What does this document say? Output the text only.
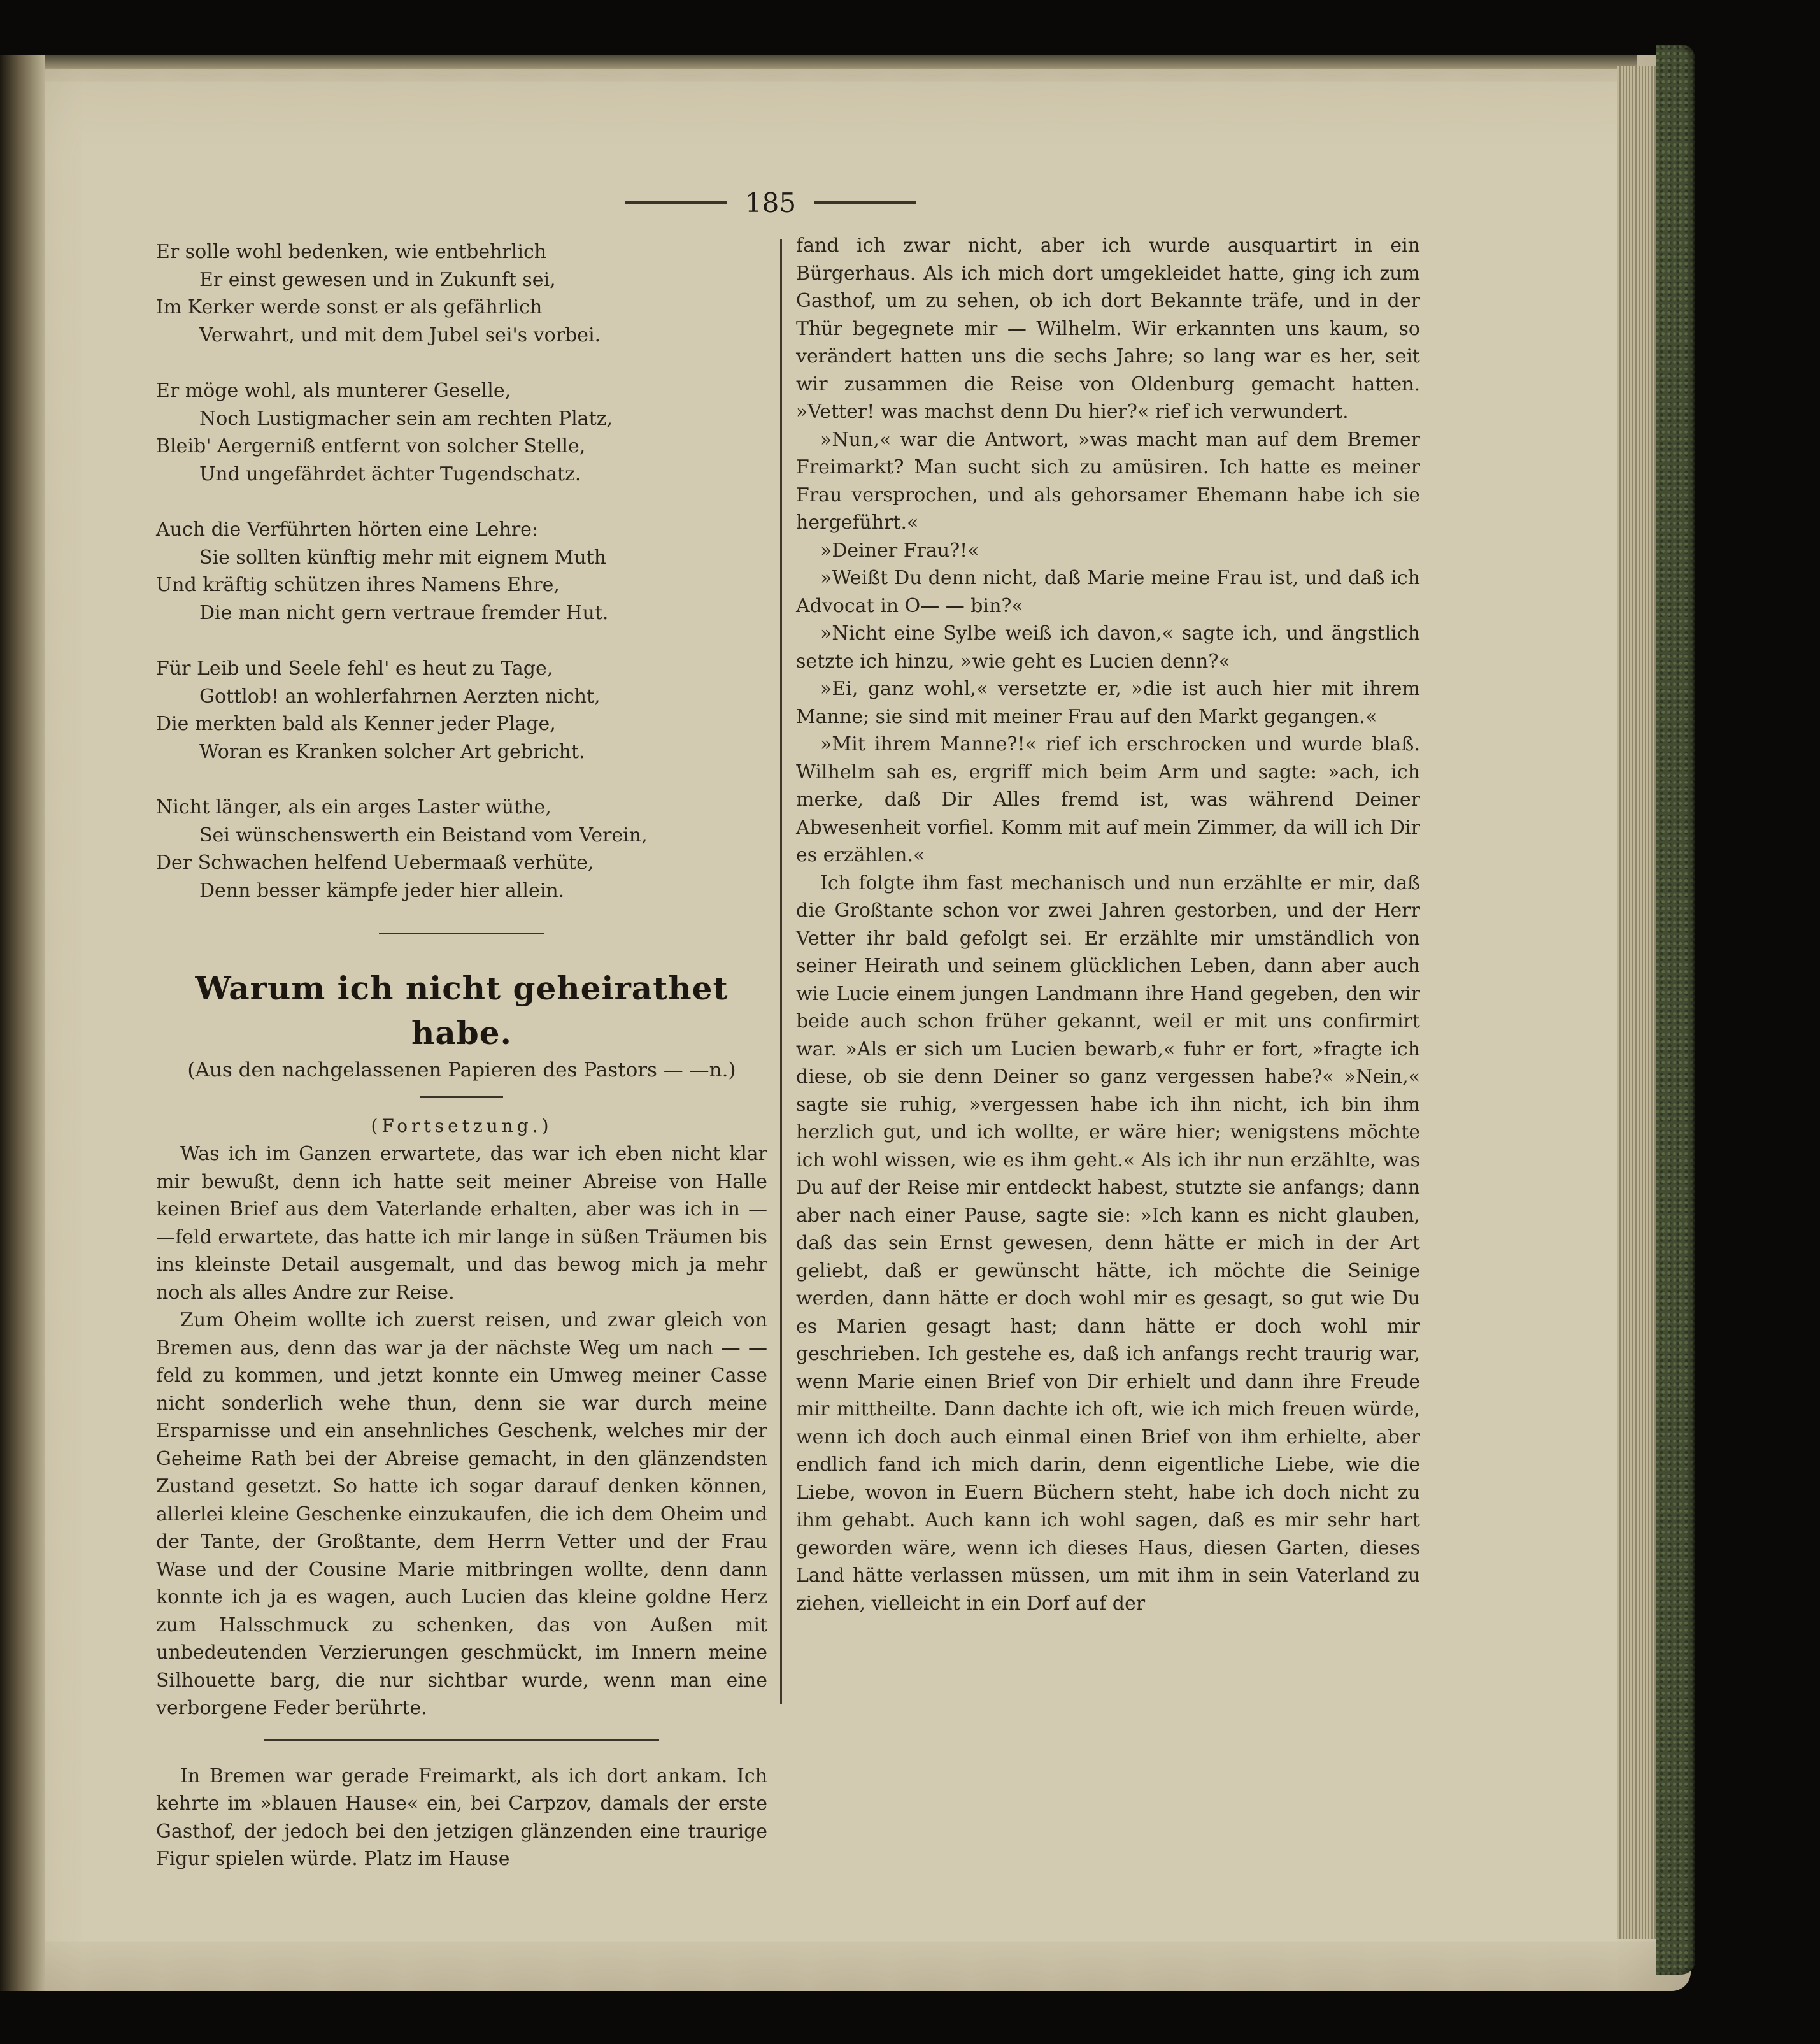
185
Er solle wohl bedenken, wie entbehrlich
Er einst gewesen und in Zukunft sei,
Im Kerker werde sonst er als gefährlich
Verwahrt, und mit dem Jubel sei's vorbei.
Er möge wohl, als munterer Geselle,
Noch Lustigmacher sein am rechten Platz,
Bleib' Aergerniß entfernt von solcher Stelle,
Und ungefährdet ächter Tugendschatz.
Auch die Verführten hörten eine Lehre:
Sie sollten künftig mehr mit eignem Muth
Und kräftig schützen ihres Namens Ehre,
Die man nicht gern vertraue fremder Hut.
Für Leib und Seele fehl' es heut zu Tage,
Gottlob! an wohlerfahrnen Aerzten nicht,
Die merkten bald als Kenner jeder Plage,
Woran es Kranken solcher Art gebricht.
Nicht länger, als ein arges Laster wüthe,
Sei wünschenswerth ein Beistand vom Verein,
Der Schwachen helfend Uebermaaß verhüte,
Denn besser kämpfe jeder hier allein.
Warum ich nicht geheirathet habe.
(Aus den nachgelassenen Papieren des Pastors — —n.)
(Fortsetzung.)

Was ich im Ganzen erwartete, das war ich eben nicht klar mir bewußt, denn ich hatte seit meiner Abreise von Halle keinen Brief aus dem Vaterlande erhalten, aber was ich in — —feld erwartete, das hatte ich mir lange in süßen Träumen bis ins kleinste Detail ausgemalt, und das bewog mich ja mehr noch als alles Andre zur Reise.

Zum Oheim wollte ich zuerst reisen, und zwar gleich von Bremen aus, denn das war ja der nächste Weg um nach — —feld zu kommen, und jetzt konnte ein Umweg meiner Casse nicht sonderlich wehe thun, denn sie war durch meine Ersparnisse und ein ansehnliches Geschenk, welches mir der Geheime Rath bei der Abreise gemacht, in den glänzendsten Zustand gesetzt. So hatte ich sogar darauf denken können, allerlei kleine Geschenke einzukaufen, die ich dem Oheim und der Tante, der Großtante, dem Herrn Vetter und der Frau Wase und der Cousine Marie mitbringen wollte, denn dann konnte ich ja es wagen, auch Lucien das kleine goldne Herz zum Halsschmuck zu schenken, das von Außen mit unbedeutenden Verzierungen geschmückt, im Innern meine Silhouette barg, die nur sichtbar wurde, wenn man eine verborgene Feder berührte.

In Bremen war gerade Freimarkt, als ich dort ankam. Ich kehrte im »blauen Hause« ein, bei Carpzov, damals der erste Gasthof, der jedoch bei den jetzigen glänzenden eine traurige Figur spielen würde. Platz im Hause

fand ich zwar nicht, aber ich wurde ausquartirt in ein Bürgerhaus. Als ich mich dort umgekleidet hatte, ging ich zum Gasthof, um zu sehen, ob ich dort Bekannte träfe, und in der Thür begegnete mir — Wilhelm. Wir erkannten uns kaum, so verändert hatten uns die sechs Jahre; so lang war es her, seit wir zusammen die Reise von Oldenburg gemacht hatten. »Vetter! was machst denn Du hier?« rief ich verwundert.

»Nun,« war die Antwort, »was macht man auf dem Bremer Freimarkt? Man sucht sich zu amüsiren. Ich hatte es meiner Frau versprochen, und als gehorsamer Ehemann habe ich sie hergeführt.«

»Deiner Frau?!«

»Weißt Du denn nicht, daß Marie meine Frau ist, und daß ich Advocat in O— — bin?«

»Nicht eine Sylbe weiß ich davon,« sagte ich, und ängstlich setzte ich hinzu, »wie geht es Lucien denn?«

»Ei, ganz wohl,« versetzte er, »die ist auch hier mit ihrem Manne; sie sind mit meiner Frau auf den Markt gegangen.«

»Mit ihrem Manne?!« rief ich erschrocken und wurde blaß. Wilhelm sah es, ergriff mich beim Arm und sagte: »ach, ich merke, daß Dir Alles fremd ist, was während Deiner Abwesenheit vorfiel. Komm mit auf mein Zimmer, da will ich Dir es erzählen.«

Ich folgte ihm fast mechanisch und nun erzählte er mir, daß die Großtante schon vor zwei Jahren gestorben, und der Herr Vetter ihr bald gefolgt sei. Er erzählte mir umständlich von seiner Heirath und seinem glücklichen Leben, dann aber auch wie Lucie einem jungen Landmann ihre Hand gegeben, den wir beide auch schon früher gekannt, weil er mit uns confirmirt war. »Als er sich um Lucien bewarb,« fuhr er fort, »fragte ich diese, ob sie denn Deiner so ganz vergessen habe?« »Nein,« sagte sie ruhig, »vergessen habe ich ihn nicht, ich bin ihm herzlich gut, und ich wollte, er wäre hier; wenigstens möchte ich wohl wissen, wie es ihm geht.« Als ich ihr nun erzählte, was Du auf der Reise mir entdeckt habest, stutzte sie anfangs; dann aber nach einer Pause, sagte sie: »Ich kann es nicht glauben, daß das sein Ernst gewesen, denn hätte er mich in der Art geliebt, daß er gewünscht hätte, ich möchte die Seinige werden, dann hätte er doch wohl mir es gesagt, so gut wie Du es Marien gesagt hast; dann hätte er doch wohl mir geschrieben. Ich gestehe es, daß ich anfangs recht traurig war, wenn Marie einen Brief von Dir erhielt und dann ihre Freude mir mittheilte. Dann dachte ich oft, wie ich mich freuen würde, wenn ich doch auch einmal einen Brief von ihm erhielte, aber endlich fand ich mich darin, denn eigentliche Liebe, wie die Liebe, wovon in Euern Büchern steht, habe ich doch nicht zu ihm gehabt. Auch kann ich wohl sagen, daß es mir sehr hart geworden wäre, wenn ich dieses Haus, diesen Garten, dieses Land hätte verlassen müssen, um mit ihm in sein Vaterland zu ziehen, vielleicht in ein Dorf auf der
